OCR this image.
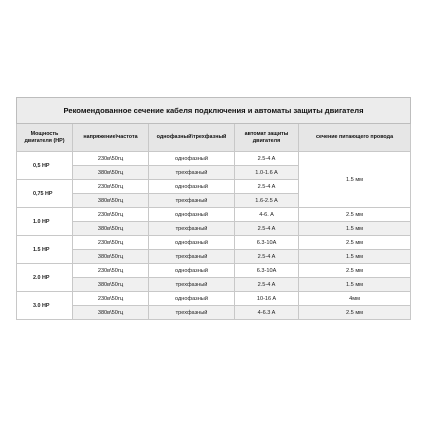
Рекомендованное сечение кабеля подключения и автоматы защиты двигателя				
Мощность двигателя (НР)	напряжение\частота	однофазный\трехфазный	автомат защиты двигателя	сечение питающего провода
0,5 НР	230в\50гц	однофазный	2.5-4 A	1.5 мм
	380в\50гц	трехфазный	1.0-1.6 A	
0,75 НР	230в\50гц	однофазный	2.5-4 A	
	380в\50гц	трехфазный	1.6-2.5 A	
1.0 НР	230в\50гц	однофазный	4-6. A	2.5 мм
	380в\50гц	трехфазный	2.5-4 A	1.5 мм
1.5 НР	230в\50гц	однофазный	6.3-10A	2.5 мм
	380в\50гц	трехфазный	2.5-4 A	1.5 мм
2.0 НР	230в\50гц	однофазный	6.3-10A	2.5 мм
	380в\50гц	трехфазный	2.5-4 A	1.5 мм
3.0 НР	230в\50гц	однофазный	10-16 A	4мм
	380в\50гц	трехфазный	4-6.3 A	2.5 мм
